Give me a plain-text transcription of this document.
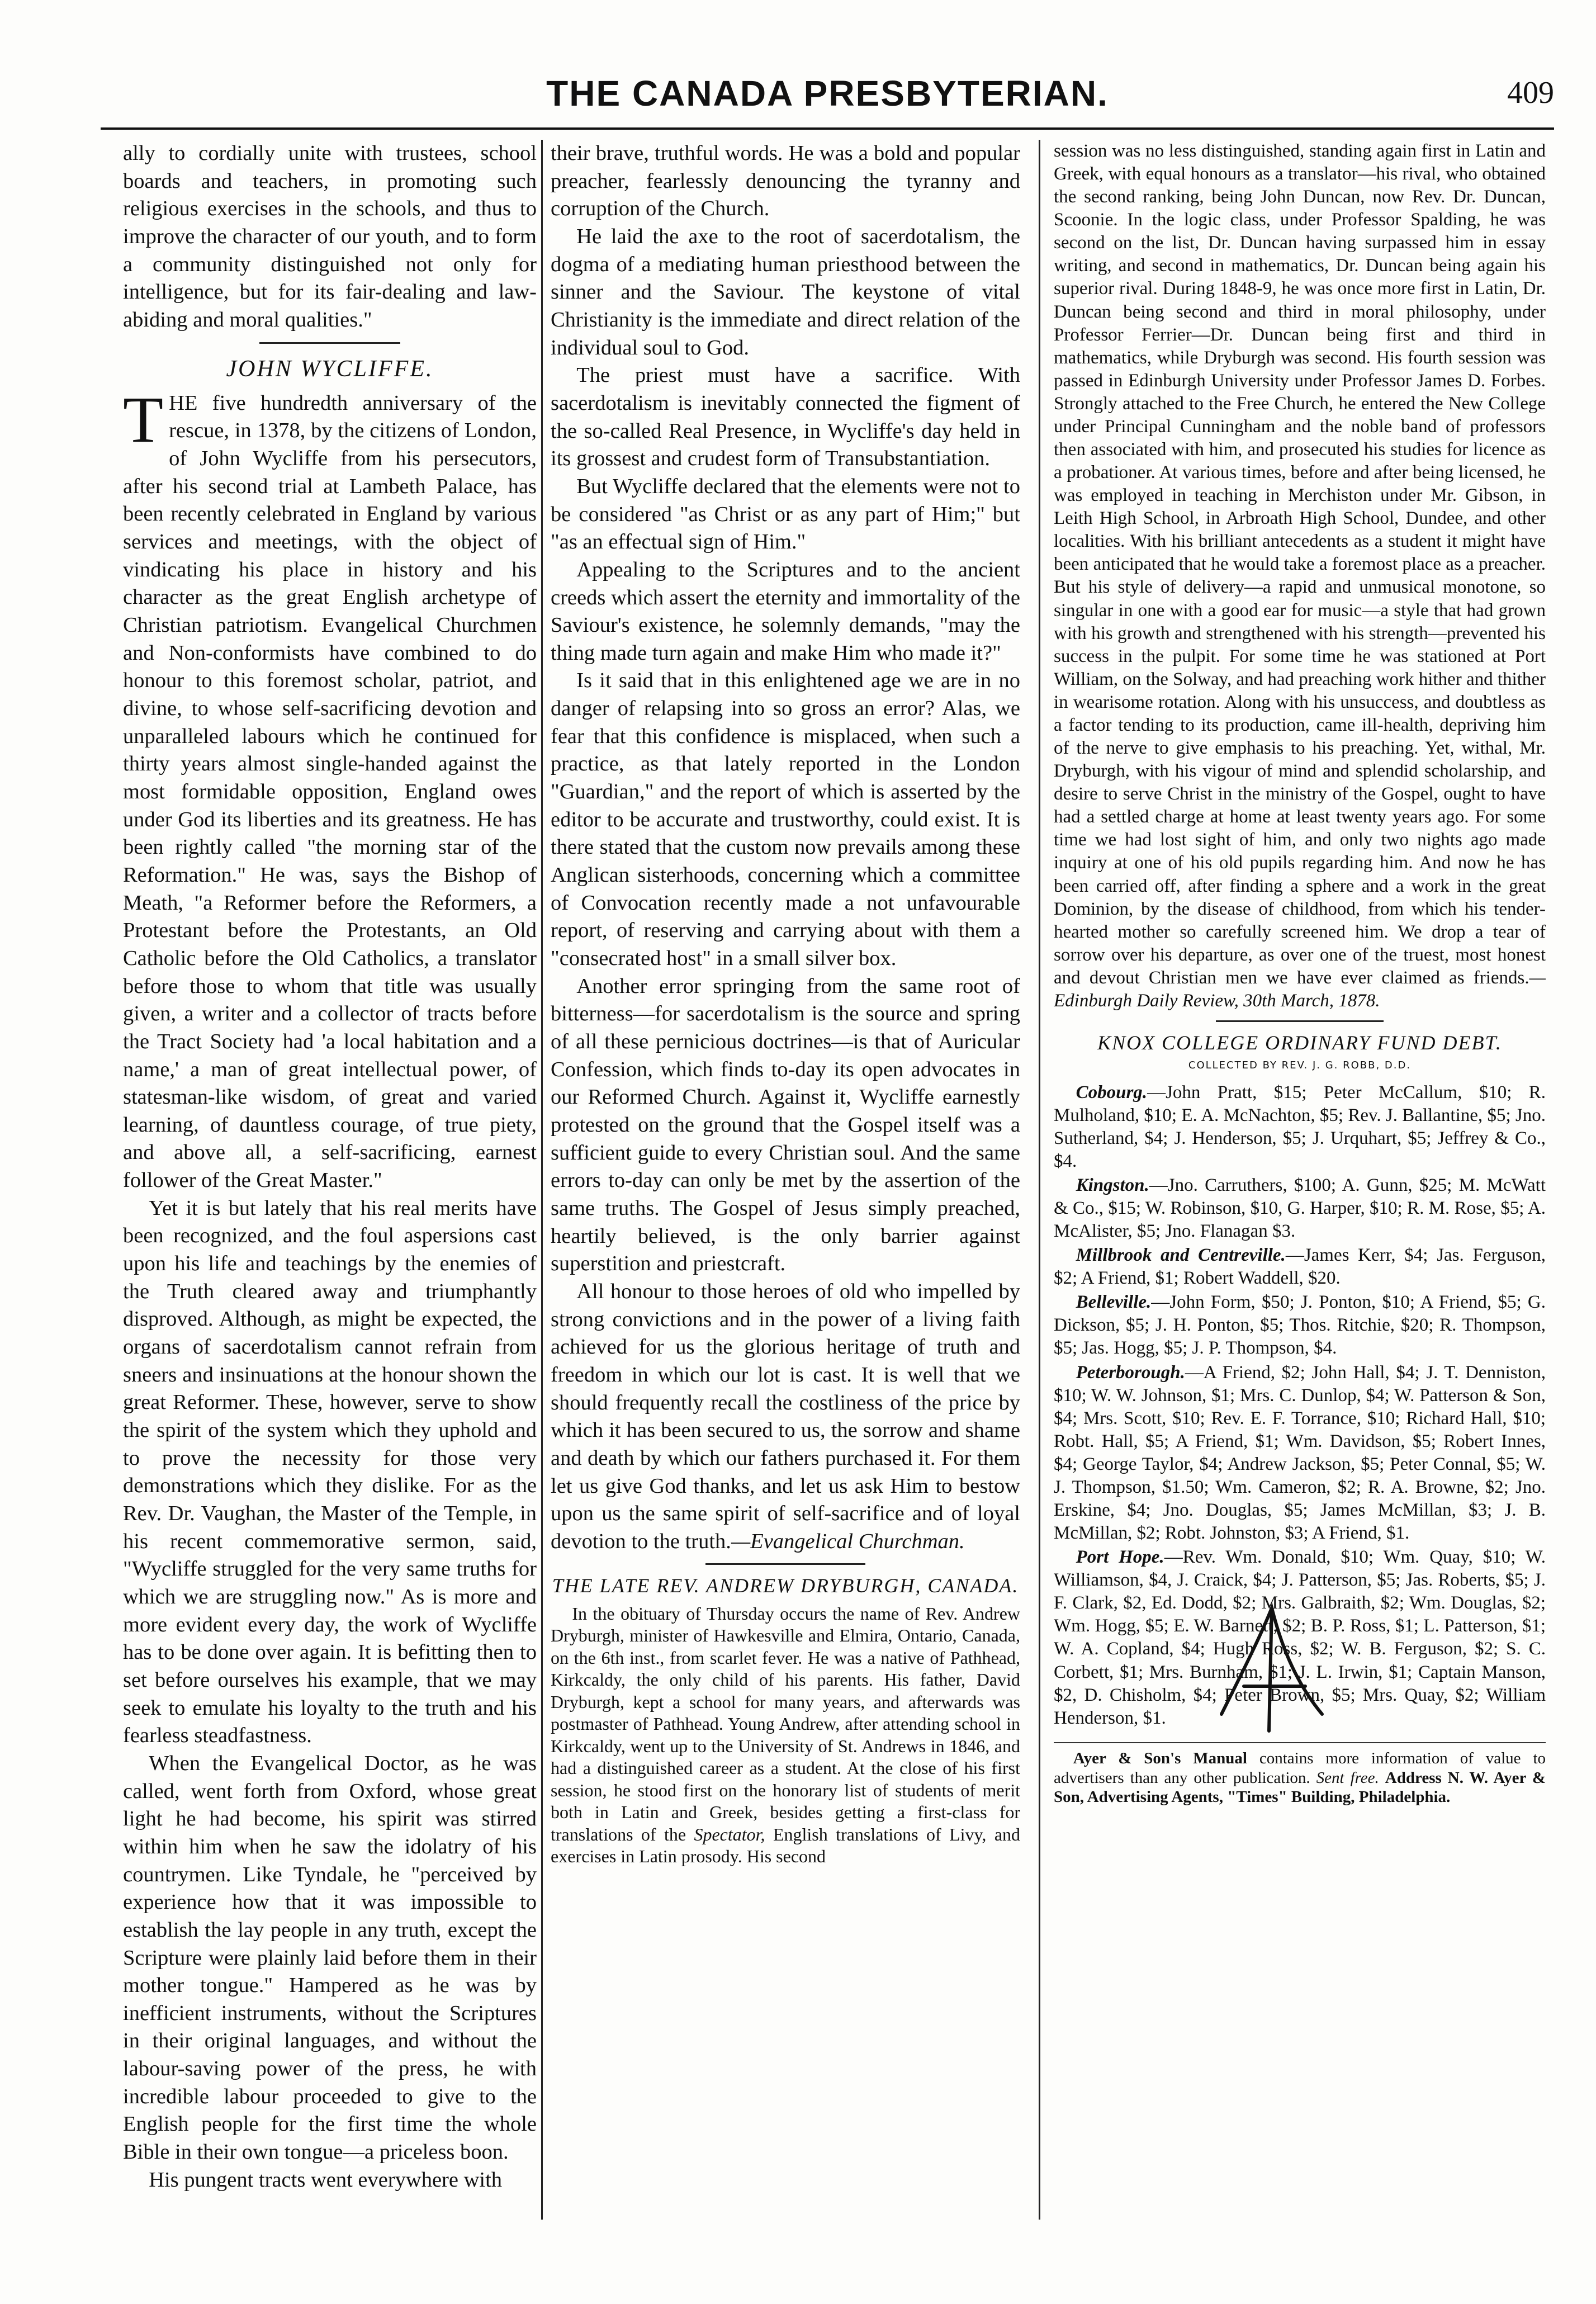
THE CANADA PRESBYTERIAN.	409

ally to cordially unite with trustees, school boards and teachers, in promoting such religious exercises in the schools, and thus to improve the character of our youth, and to form a community distinguished not only for intelligence, but for its fair-dealing and law-abiding and moral qualities."

JOHN WYCLIFFE.

THE five hundredth anniversary of the rescue, in 1378, by the citizens of London, of John Wycliffe from his persecutors, after his second trial at Lambeth Palace, has been recently celebrated in England by various services and meetings, with the object of vindicating his place in history and his character as the great English archetype of Christian patriotism. Evangelical Churchmen and Non-conformists have combined to do honour to this foremost scholar, patriot, and divine, to whose self-sacrificing devotion and unparalleled labours which he continued for thirty years almost single-handed against the most formidable opposition, England owes under God its liberties and its greatness. He has been rightly called "the morning star of the Reformation." He was, says the Bishop of Meath, "a Reformer before the Reformers, a Protestant before the Protestants, an Old Catholic before the Old Catholics, a translator before those to whom that title was usually given, a writer and a collector of tracts before the Tract Society had 'a local habitation and a name,' a man of great intellectual power, of statesman-like wisdom, of great and varied learning, of dauntless courage, of true piety, and above all, a self-sacrificing, earnest follower of the Great Master."

Yet it is but lately that his real merits have been recognized, and the foul aspersions cast upon his life and teachings by the enemies of the Truth cleared away and triumphantly disproved. Although, as might be expected, the organs of sacerdotalism cannot refrain from sneers and insinuations at the honour shown the great Reformer. These, however, serve to show the spirit of the system which they uphold and to prove the necessity for those very demonstrations which they dislike. For as the Rev. Dr. Vaughan, the Master of the Temple, in his recent commemorative sermon, said, "Wycliffe struggled for the very same truths for which we are struggling now." As is more and more evident every day, the work of Wycliffe has to be done over again. It is befitting then to set before ourselves his example, that we may seek to emulate his loyalty to the truth and his fearless steadfastness.

When the Evangelical Doctor, as he was called, went forth from Oxford, whose great light he had become, his spirit was stirred within him when he saw the idolatry of his countrymen. Like Tyndale, he "perceived by experience how that it was impossible to establish the lay people in any truth, except the Scripture were plainly laid before them in their mother tongue." Hampered as he was by inefficient instruments, without the Scriptures in their original languages, and without the labour-saving power of the press, he with incredible labour proceeded to give to the English people for the first time the whole Bible in their own tongue—a priceless boon.

His pungent tracts went everywhere with

their brave, truthful words. He was a bold and popular preacher, fearlessly denouncing the tyranny and corruption of the Church.

He laid the axe to the root of sacerdotalism, the dogma of a mediating human priesthood between the sinner and the Saviour. The keystone of vital Christianity is the immediate and direct relation of the individual soul to God.

The priest must have a sacrifice. With sacerdotalism is inevitably connected the figment of the so-called Real Presence, in Wycliffe's day held in its grossest and crudest form of Transubstantiation.

But Wycliffe declared that the elements were not to be considered "as Christ or as any part of Him;" but "as an effectual sign of Him."

Appealing to the Scriptures and to the ancient creeds which assert the eternity and immortality of the Saviour's existence, he solemnly demands, "may the thing made turn again and make Him who made it?"

Is it said that in this enlightened age we are in no danger of relapsing into so gross an error? Alas, we fear that this confidence is misplaced, when such a practice, as that lately reported in the London "Guardian," and the report of which is asserted by the editor to be accurate and trustworthy, could exist. It is there stated that the custom now prevails among these Anglican sisterhoods, concerning which a committee of Convocation recently made a not unfavourable report, of reserving and carrying about with them a "consecrated host" in a small silver box.

Another error springing from the same root of bitterness—for sacerdotalism is the source and spring of all these pernicious doctrines—is that of Auricular Confession, which finds to-day its open advocates in our Reformed Church. Against it, Wycliffe earnestly protested on the ground that the Gospel itself was a sufficient guide to every Christian soul. And the same errors to-day can only be met by the assertion of the same truths. The Gospel of Jesus simply preached, heartily believed, is the only barrier against superstition and priestcraft.

All honour to those heroes of old who impelled by strong convictions and in the power of a living faith achieved for us the glorious heritage of truth and freedom in which our lot is cast. It is well that we should frequently recall the costliness of the price by which it has been secured to us, the sorrow and shame and death by which our fathers purchased it. For them let us give God thanks, and let us ask Him to bestow upon us the same spirit of self-sacrifice and of loyal devotion to the truth.—Evangelical Churchman.

THE LATE REV. ANDREW DRYBURGH, CANADA.

In the obituary of Thursday occurs the name of Rev. Andrew Dryburgh, minister of Hawkesville and Elmira, Ontario, Canada, on the 6th inst., from scarlet fever. He was a native of Pathhead, Kirkcaldy, the only child of his parents. His father, David Dryburgh, kept a school for many years, and afterwards was postmaster of Pathhead. Young Andrew, after attending school in Kirkcaldy, went up to the University of St. Andrews in 1846, and had a distinguished career as a student. At the close of his first session, he stood first on the honorary list of students of merit both in Latin and Greek, besides getting a first-class for translations of the Spectator, English translations of Livy, and exercises in Latin prosody. His second

session was no less distinguished, standing again first in Latin and Greek, with equal honours as a translator—his rival, who obtained the second ranking, being John Duncan, now Rev. Dr. Duncan, Scoonie. In the logic class, under Professor Spalding, he was second on the list, Dr. Duncan having surpassed him in essay writing, and second in mathematics, Dr. Duncan being again his superior rival. During 1848-9, he was once more first in Latin, Dr. Duncan being second and third in moral philosophy, under Professor Ferrier—Dr. Duncan being first and third in mathematics, while Dryburgh was second. His fourth session was passed in Edinburgh University under Professor James D. Forbes. Strongly attached to the Free Church, he entered the New College under Principal Cunningham and the noble band of professors then associated with him, and prosecuted his studies for licence as a probationer. At various times, before and after being licensed, he was employed in teaching in Merchiston under Mr. Gibson, in Leith High School, in Arbroath High School, Dundee, and other localities. With his brilliant antecedents as a student it might have been anticipated that he would take a foremost place as a preacher. But his style of delivery—a rapid and unmusical monotone, so singular in one with a good ear for music—a style that had grown with his growth and strengthened with his strength—prevented his success in the pulpit. For some time he was stationed at Port William, on the Solway, and had preaching work hither and thither in wearisome rotation. Along with his unsuccess, and doubtless as a factor tending to its production, came ill-health, depriving him of the nerve to give emphasis to his preaching. Yet, withal, Mr. Dryburgh, with his vigour of mind and splendid scholarship, and desire to serve Christ in the ministry of the Gospel, ought to have had a settled charge at home at least twenty years ago. For some time we had lost sight of him, and only two nights ago made inquiry at one of his old pupils regarding him. And now he has been carried off, after finding a sphere and a work in the great Dominion, by the disease of childhood, from which his tender-hearted mother so carefully screened him. We drop a tear of sorrow over his departure, as over one of the truest, most honest and devout Christian men we have ever claimed as friends.—Edinburgh Daily Review, 30th March, 1878.

KNOX COLLEGE ORDINARY FUND DEBT.
COLLECTED BY REV. J. G. ROBB, D.D.

Cobourg.—John Pratt, $15; Peter McCallum, $10; R. Mulholand, $10; E. A. McNachton, $5; Rev. J. Ballantine, $5; Jno. Sutherland, $4; J. Henderson, $5; J. Urquhart, $5; Jeffrey & Co., $4.

Kingston.—Jno. Carruthers, $100; A. Gunn, $25; M. McWatt & Co., $15; W. Robinson, $10, G. Harper, $10; R. M. Rose, $5; A. McAlister, $5; Jno. Flanagan $3.

Millbrook and Centreville.—James Kerr, $4; Jas. Ferguson, $2; A Friend, $1; Robert Waddell, $20.

Belleville.—John Form, $50; J. Ponton, $10; A Friend, $5; G. Dickson, $5; J. H. Ponton, $5; Thos. Ritchie, $20; R. Thompson, $5; Jas. Hogg, $5; J. P. Thompson, $4.

Peterborough.—A Friend, $2; John Hall, $4; J. T. Denniston, $10; W. W. Johnson, $1; Mrs. C. Dunlop, $4; W. Patterson & Son, $4; Mrs. Scott, $10; Rev. E. F. Torrance, $10; Richard Hall, $10; Robt. Hall, $5; A Friend, $1; Wm. Davidson, $5; Robert Innes, $4; George Taylor, $4; Andrew Jackson, $5; Peter Connal, $5; W. J. Thompson, $1.50; Wm. Cameron, $2; R. A. Browne, $2; Jno. Erskine, $4; Jno. Douglas, $5; James McMillan, $3; J. B. McMillan, $2; Robt. Johnston, $3; A Friend, $1.

Port Hope.—Rev. Wm. Donald, $10; Wm. Quay, $10; W. Williamson, $4, J. Craick, $4; J. Patterson, $5; Jas. Roberts, $5; J. F. Clark, $2, Ed. Dodd, $2; Mrs. Galbraith, $2; Wm. Douglas, $2; Wm. Hogg, $5; E. W. Barnett, $2; B. P. Ross, $1; L. Patterson, $1; W. A. Copland, $4; Hugh Ross, $2; W. B. Ferguson, $2; S. C. Corbett, $1; Mrs. Burnham, $1; J. L. Irwin, $1; Captain Manson, $2, D. Chisholm, $4; Peter Brown, $5; Mrs. Quay, $2; William Henderson, $1.

Ayer & Son's Manual contains more information of value to advertisers than any other publication. Sent free. Address N. W. Ayer & Son, Advertising Agents, "Times" Building, Philadelphia.
